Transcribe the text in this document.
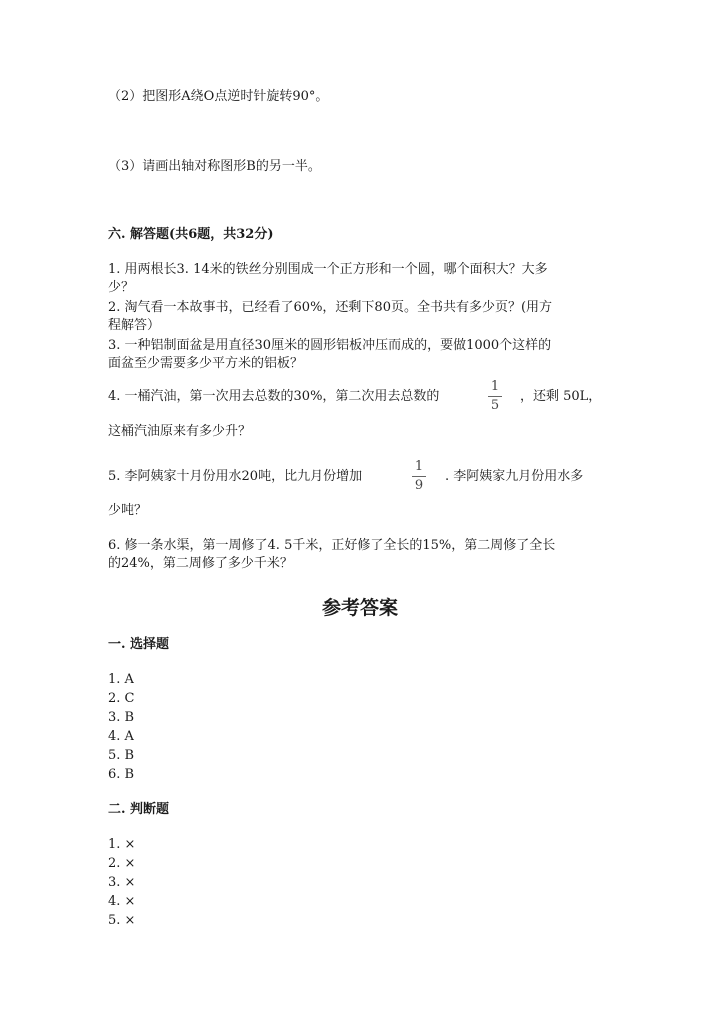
（2）把图形A绕O点逆时针旋转90°。
（3）请画出轴对称图形B的另一半。
六. 解答题(共6题，共32分)
1. 用两根长3. 14米的铁丝分别围成一个正方形和一个圆，哪个面积大？大多
少？
2. 淘气看一本故事书，已经看了60%，还剩下80页。全书共有多少页？(用方
程解答）
3. 一种铝制面盆是用直径30厘米的圆形铝板冲压而成的，要做1000个这样的
面盆至少需要多少平方米的铝板？
4. 一桶汽油，第一次用去总数的30%，第二次用去总数的
1
5
，还剩 50L，
这桶汽油原来有多少升？
5. 李阿姨家十月份用水20吨，比九月份增加
1
9
. 李阿姨家九月份用水多
少吨？
6. 修一条水渠，第一周修了4. 5千米，正好修了全长的15%，第二周修了全长
的24%，第二周修了多少千米？
参考答案
一. 选择题
1. A
2. C
3. B
4. A
5. B
6. B
二. 判断题
1. ×
2. ×
3. ×
4. ×
5. ×
